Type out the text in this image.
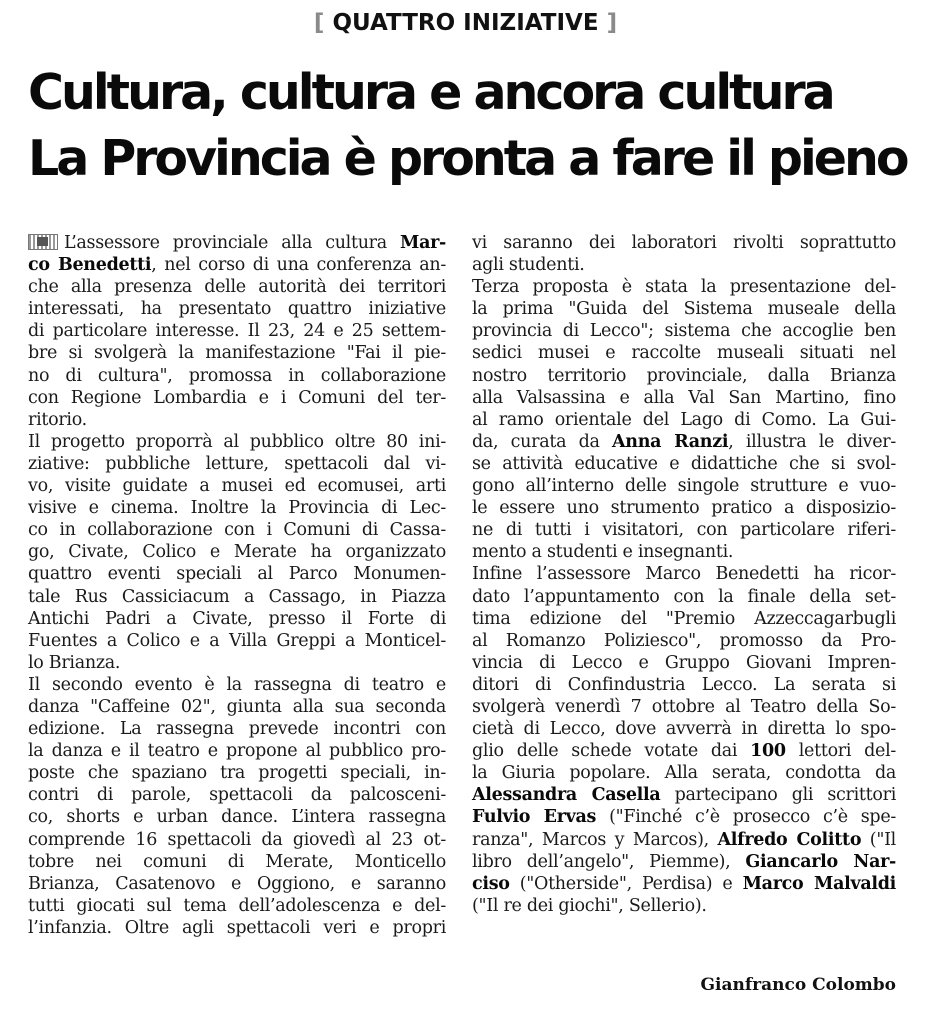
[ QUATTRO INIZIATIVE ]
Cultura, cultura e ancora cultura
La Provincia è pronta a fare il pieno
L’assessore provinciale alla cultura Mar-
co Benedetti, nel corso di una conferenza an-
che alla presenza delle autorità dei territori
interessati, ha presentato quattro iniziative
di particolare interesse. Il 23, 24 e 25 settem-
bre si svolgerà la manifestazione "Fai il pie-
no di cultura", promossa in collaborazione
con Regione Lombardia e i Comuni del ter-
ritorio.
Il progetto proporrà al pubblico oltre 80 ini-
ziative: pubbliche letture, spettacoli dal vi-
vo, visite guidate a musei ed ecomusei, arti
visive e cinema. Inoltre la Provincia di Lec-
co in collaborazione con i Comuni di Cassa-
go, Civate, Colico e Merate ha organizzato
quattro eventi speciali al Parco Monumen-
tale Rus Cassiciacum a Cassago, in Piazza
Antichi Padri a Civate, presso il Forte di
Fuentes a Colico e a Villa Greppi a Monticel-
lo Brianza.
Il secondo evento è la rassegna di teatro e
danza "Caffeine 02", giunta alla sua seconda
edizione. La rassegna prevede incontri con
la danza e il teatro e propone al pubblico pro-
poste che spaziano tra progetti speciali, in-
contri di parole, spettacoli da palcosceni-
co, shorts e urban dance. L’intera rassegna
comprende 16 spettacoli da giovedì al 23 ot-
tobre nei comuni di Merate, Monticello
Brianza, Casatenovo e Oggiono, e saranno
tutti giocati sul tema dell’adolescenza e del-
l’infanzia. Oltre agli spettacoli veri e propri
vi saranno dei laboratori rivolti soprattutto
agli studenti.
Terza proposta è stata la presentazione del-
la prima "Guida del Sistema museale della
provincia di Lecco"; sistema che accoglie ben
sedici musei e raccolte museali situati nel
nostro territorio provinciale, dalla Brianza
alla Valsassina e alla Val San Martino, fino
al ramo orientale del Lago di Como. La Gui-
da, curata da Anna Ranzi, illustra le diver-
se attività educative e didattiche che si svol-
gono all’interno delle singole strutture e vuo-
le essere uno strumento pratico a disposizio-
ne di tutti i visitatori, con particolare riferi-
mento a studenti e insegnanti.
Infine l’assessore Marco Benedetti ha ricor-
dato l’appuntamento con la finale della set-
tima edizione del "Premio Azzeccagarbugli
al Romanzo Poliziesco", promosso da Pro-
vincia di Lecco e Gruppo Giovani Impren-
ditori di Confindustria Lecco. La serata si
svolgerà venerdì 7 ottobre al Teatro della So-
cietà di Lecco, dove avverrà in diretta lo spo-
glio delle schede votate dai 100 lettori del-
la Giuria popolare. Alla serata, condotta da
Alessandra Casella partecipano gli scrittori
Fulvio Ervas ("Finché c’è prosecco c’è spe-
ranza", Marcos y Marcos), Alfredo Colitto ("Il
libro dell’angelo", Piemme), Giancarlo Nar-
ciso ("Otherside", Perdisa) e Marco Malvaldi
("Il re dei giochi", Sellerio).
Gianfranco Colombo
